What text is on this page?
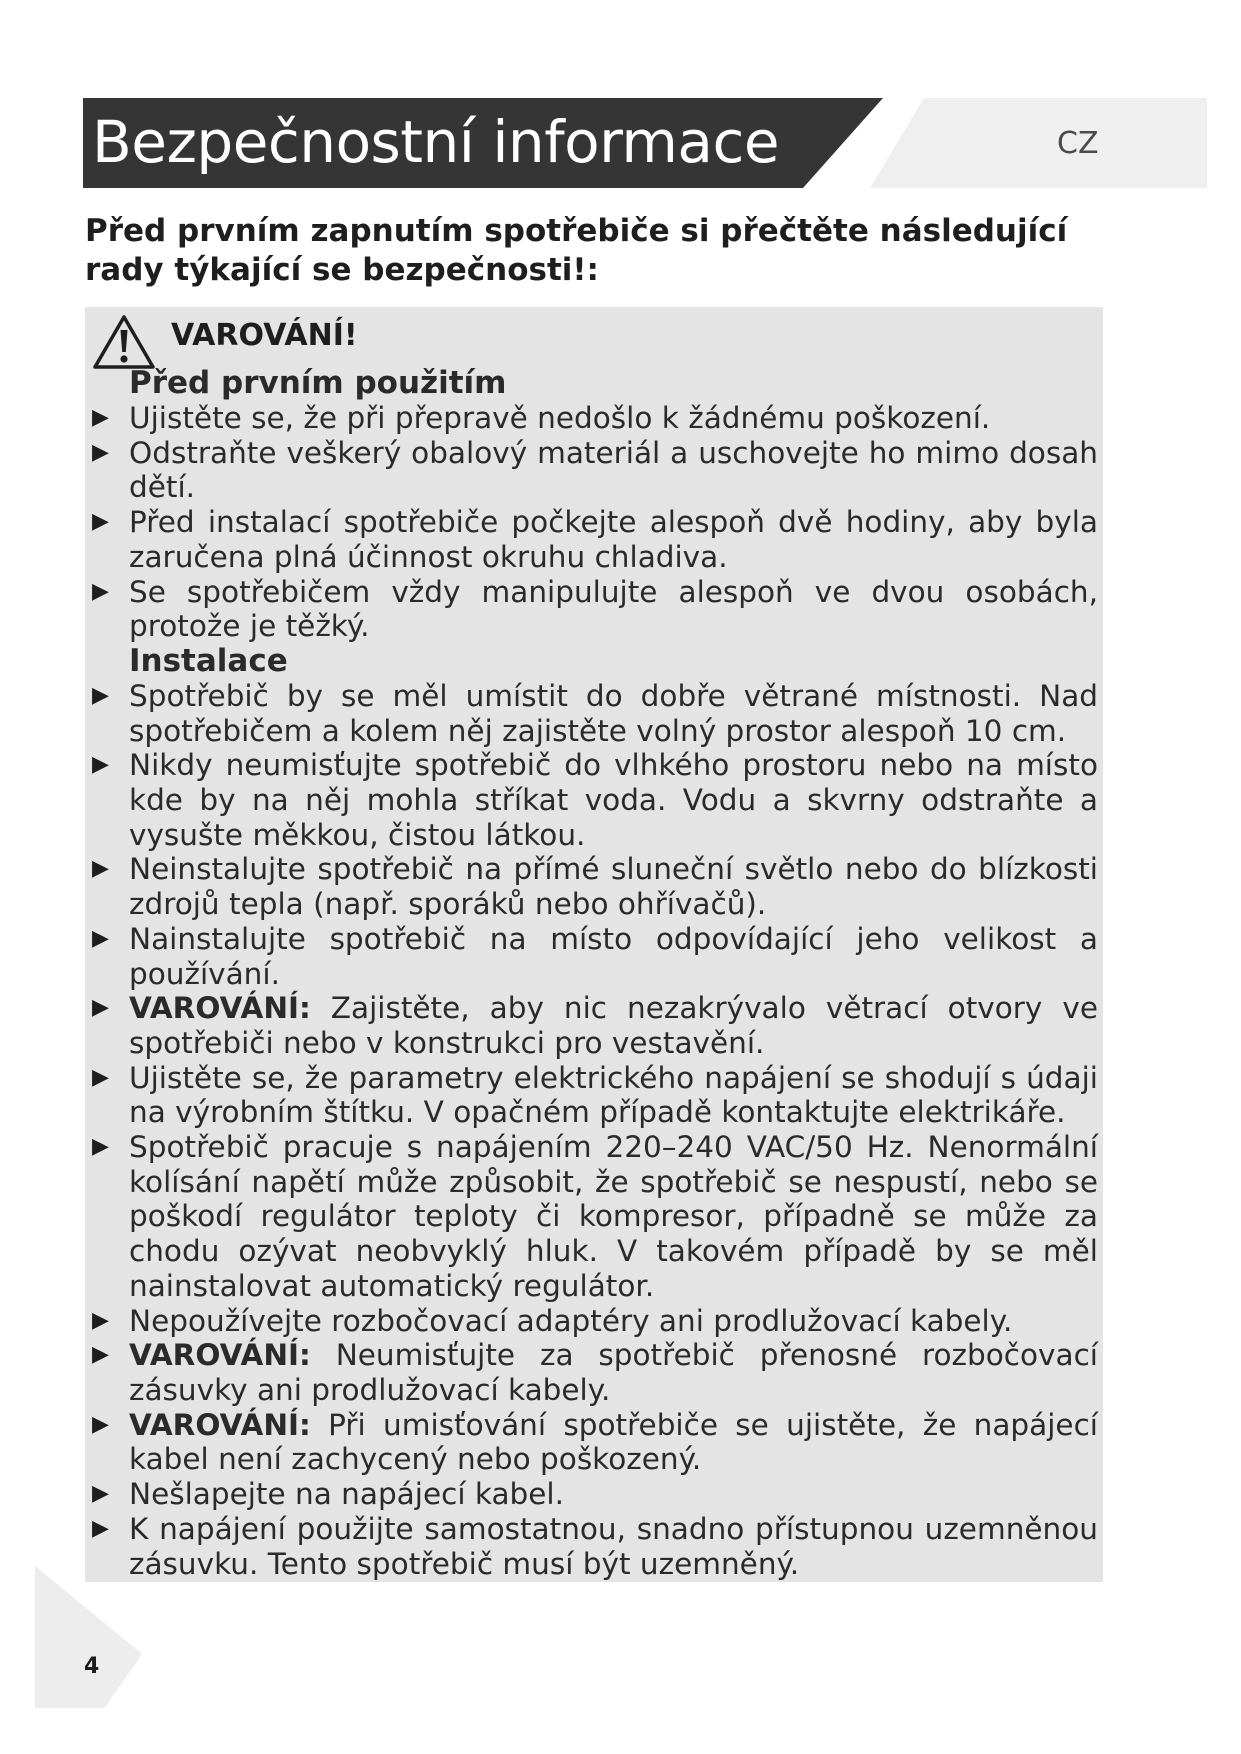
Bezpečnostní informace	CZ

Před prvním zapnutím spotřebiče si přečtěte následující rady týkající se bezpečnosti!:

VAROVÁNÍ!

Před prvním použitím

▶ Ujistěte se, že při přepravě nedošlo k žádnému poškození.
▶ Odstraňte veškerý obalový materiál a uschovejte ho mimo dosah dětí.
▶ Před instalací spotřebiče počkejte alespoň dvě hodiny, aby byla zaručena plná účinnost okruhu chladiva.
▶ Se spotřebičem vždy manipulujte alespoň ve dvou osobách, protože je těžký.

Instalace

▶ Spotřebič by se měl umístit do dobře větrané místnosti. Nad spotřebičem a kolem něj zajistěte volný prostor alespoň 10 cm.
▶ Nikdy neumisťujte spotřebič do vlhkého prostoru nebo na místo kde by na něj mohla stříkat voda. Vodu a skvrny odstraňte a vysušte měkkou, čistou látkou.
▶ Neinstalujte spotřebič na přímé sluneční světlo nebo do blízkosti zdrojů tepla (např. sporáků nebo ohřívačů).
▶ Nainstalujte spotřebič na místo odpovídající jeho velikost a používání.
▶ VAROVÁNÍ: Zajistěte, aby nic nezakrývalo větrací otvory ve spotřebiči nebo v konstrukci pro vestavění.
▶ Ujistěte se, že parametry elektrického napájení se shodují s údaji na výrobním štítku. V opačném případě kontaktujte elektrikáře.
▶ Spotřebič pracuje s napájením 220–240 VAC/50 Hz. Nenormální kolísání napětí může způsobit, že spotřebič se nespustí, nebo se poškodí regulátor teploty či kompresor, případně se může za chodu ozývat neobvyklý hluk. V takovém případě by se měl nainstalovat automatický regulátor.
▶ Nepoužívejte rozbočovací adaptéry ani prodlužovací kabely.
▶ VAROVÁNÍ: Neumisťujte za spotřebič přenosné rozbočovací zásuvky ani prodlužovací kabely.
▶ VAROVÁNÍ: Při umisťování spotřebiče se ujistěte, že napájecí kabel není zachycený nebo poškozený.
▶ Nešlapejte na napájecí kabel.
▶ K napájení použijte samostatnou, snadno přístupnou uzemněnou zásuvku. Tento spotřebič musí být uzemněný.
4
